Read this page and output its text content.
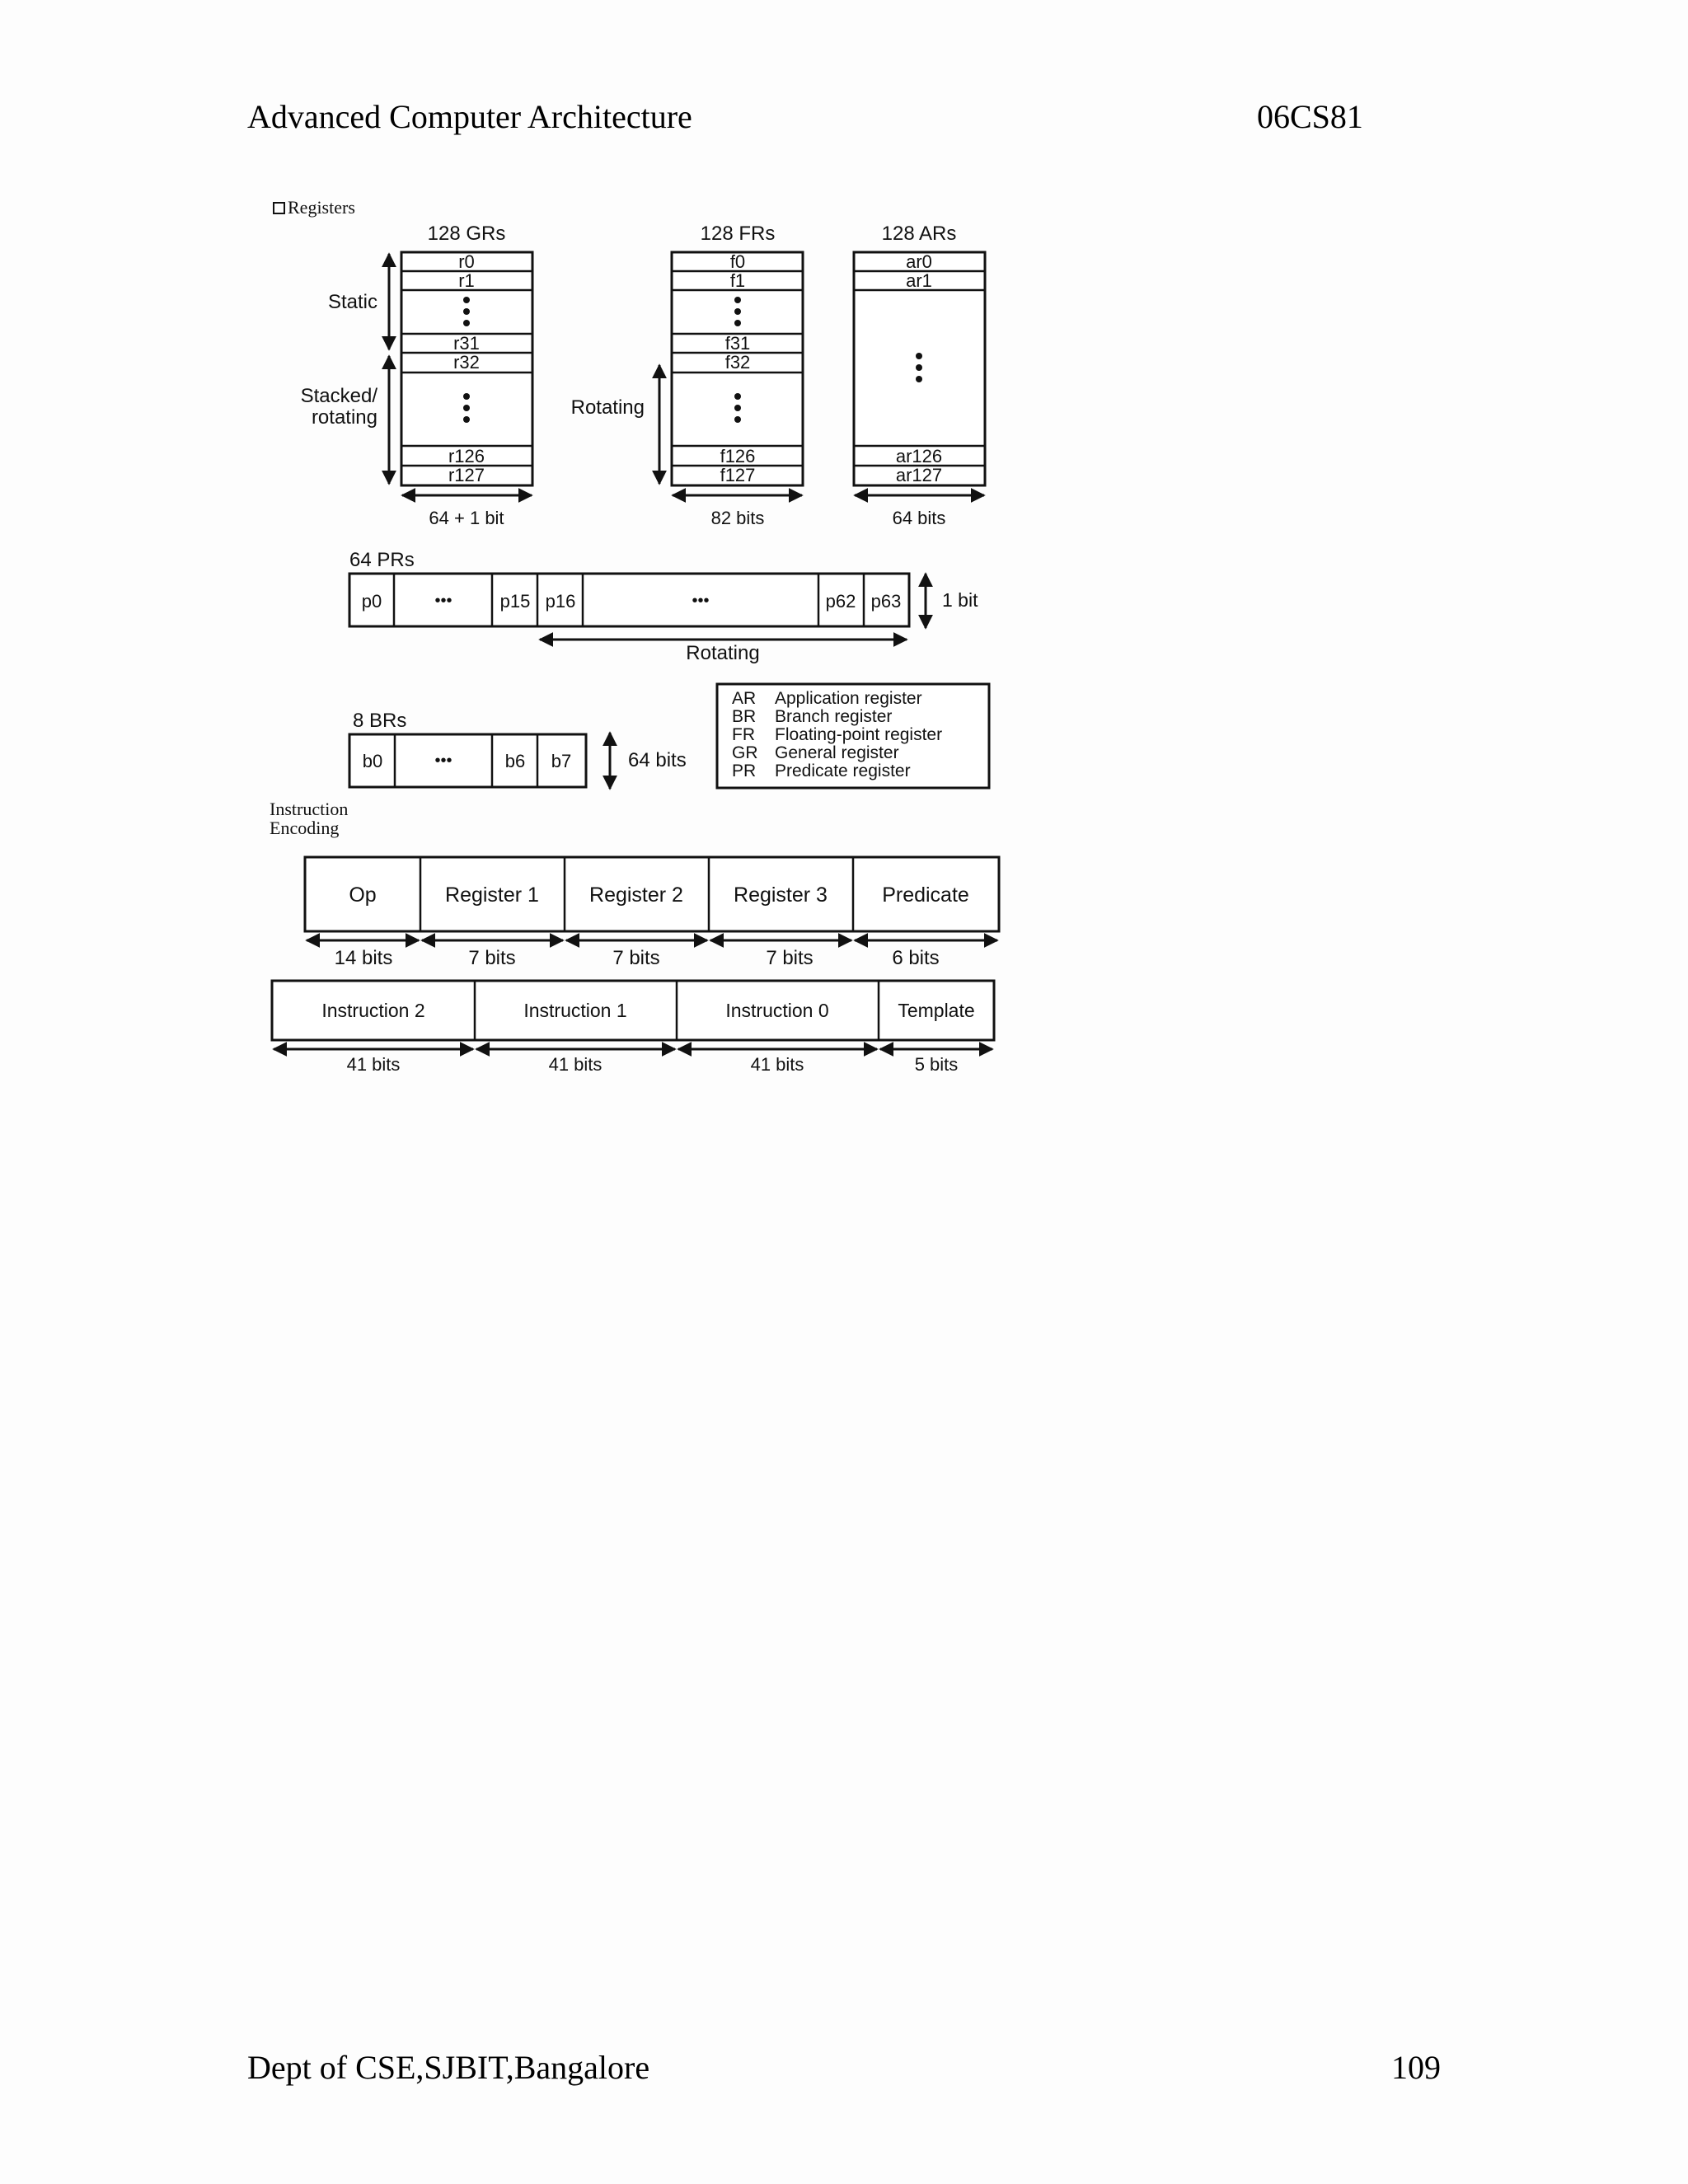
Advanced Computer Architecture	06CS81
Registers
128 GRs
r0
r1
r31
r32
r126
r127
Static
Stacked/
rotating
64 + 1 bit
128 FRs
f0
f1
f31
f32
f126
f127
Rotating
82 bits
128 ARs
ar0
ar1
ar126
ar127
64 bits
64 PRs
p0	•••	p15 p16	•••	p62 p63
Rotating
1 bit
8 BRs
b0	•••	b6 b7	64 bits
AR Application register
BR Branch register
FR Floating-point register
GR General register
PR Predicate register
Instruction
Encoding
Op	Register 1 Register 2 Register 3	Predicate
14 bits	7 bits	7 bits	7 bits	6 bits
Instruction 2	Instruction 1	Instruction 0	Template
41 bits	41 bits	41 bits	5 bits
Dept of CSE,SJBIT,Bangalore	109
